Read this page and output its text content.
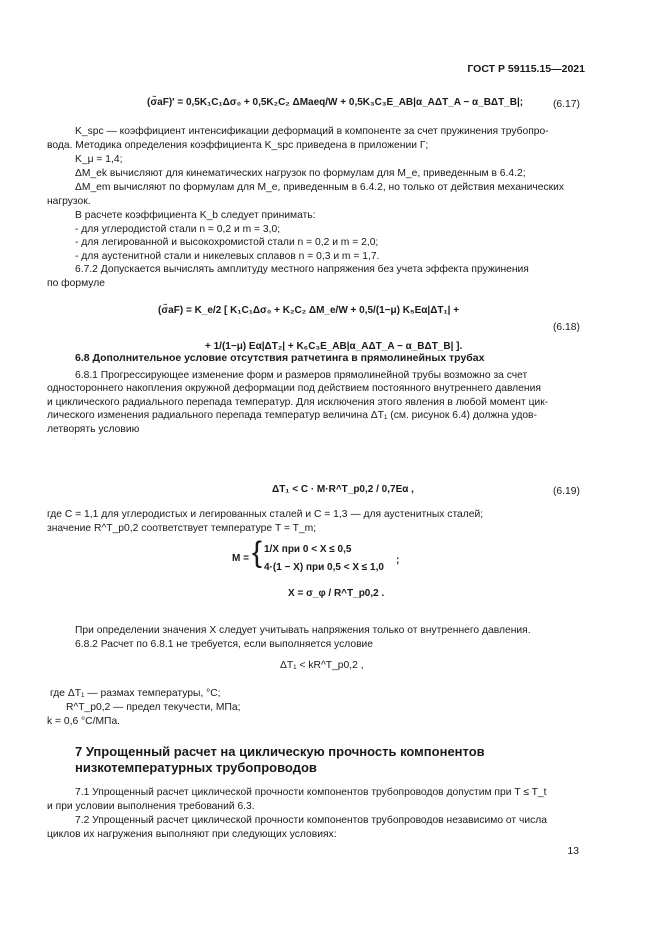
ГОСТ Р 59115.15—2021
(σ̃aF)′ = 0,5K₁C₁Δσ₀ + 0,5K₂C₂ ΔMaeq/W + 0,5K₃C₃E_AB|α_AΔT_A − α_BΔT_B|;	(6.17)
K_spc — коэффициент интенсификации деформаций в компоненте за счет пружинения трубопро-
вода. Методика определения коэффициента K_spc приведена в приложении Г;
K_μ = 1,4;
ΔM_ek вычисляют для кинематических нагрузок по формулам для M_e, приведенным в 6.4.2;
ΔM_em вычисляют по формулам для M_e, приведенным в 6.4.2, но только от действия механических
нагрузок.
В расчете коэффициента K_b следует принимать:
- для углеродистой стали n = 0,2 и m = 3,0;
- для легированной и высокохромистой стали n = 0,2 и m = 2,0;
- для аустенитной стали и никелевых сплавов n = 0,3 и m = 1,7.
6.7.2 Допускается вычислять амплитуду местного напряжения без учета эффекта пружинения
по формуле
(σ̃aF) = K_e/2 [ K₁C₁Δσ₀ + K₂C₂ ΔM_e/W + 0,5/(1−μ) K₅Eα|ΔT₁| +
+ 1/(1−μ) Eα|ΔT₂| + K₆C₃E_AB|α_AΔT_A − α_BΔT_B| ].
(6.18)
6.8 Дополнительное условие отсутствия ратчетинга в прямолинейных трубах
6.8.1 Прогрессирующее изменение форм и размеров прямолинейной трубы возможно за счет
одностороннего накопления окружной деформации под действием постоянного внутреннего давления
и циклического радиального перепада температур. Для исключения этого явления в любой момент цик-
лического изменения радиального перепада температур величина ΔT₁ (см. рисунок 6.4) должна удов-
летворять условию
ΔT₁ < C · M·R^T_p0,2 / 0,7Eα ,	(6.19)
где C = 1,1 для углеродистых и легированных сталей и C = 1,3 — для аустенитных сталей;
значение R^T_p0,2 соответствует температуре T = T_m;
M = { 1/X при 0 < X ≤ 0,5
4·(1 − X) при 0,5 < X ≤ 1,0
;
X = σ_φ / R^T_p0,2 .
При определении значения X следует учитывать напряжения только от внутреннего давления.
6.8.2 Расчет по 6.8.1 не требуется, если выполняется условие
ΔT₁ < kR^T_p0,2 ,
где ΔT₁ — размах температуры, °С;
R^T_p0,2 — предел текучести, МПа;
k = 0,6 °С/МПа.
7 Упрощенный расчет на циклическую прочность компонентов
низкотемпературных трубопроводов
7.1 Упрощенный расчет циклической прочности компонентов трубопроводов допустим при T ≤ T_t
и при условии выполнения требований 6.3.
7.2 Упрощенный расчет циклической прочности компонентов трубопроводов независимо от числа
циклов их нагружения выполняют при следующих условиях:
13
